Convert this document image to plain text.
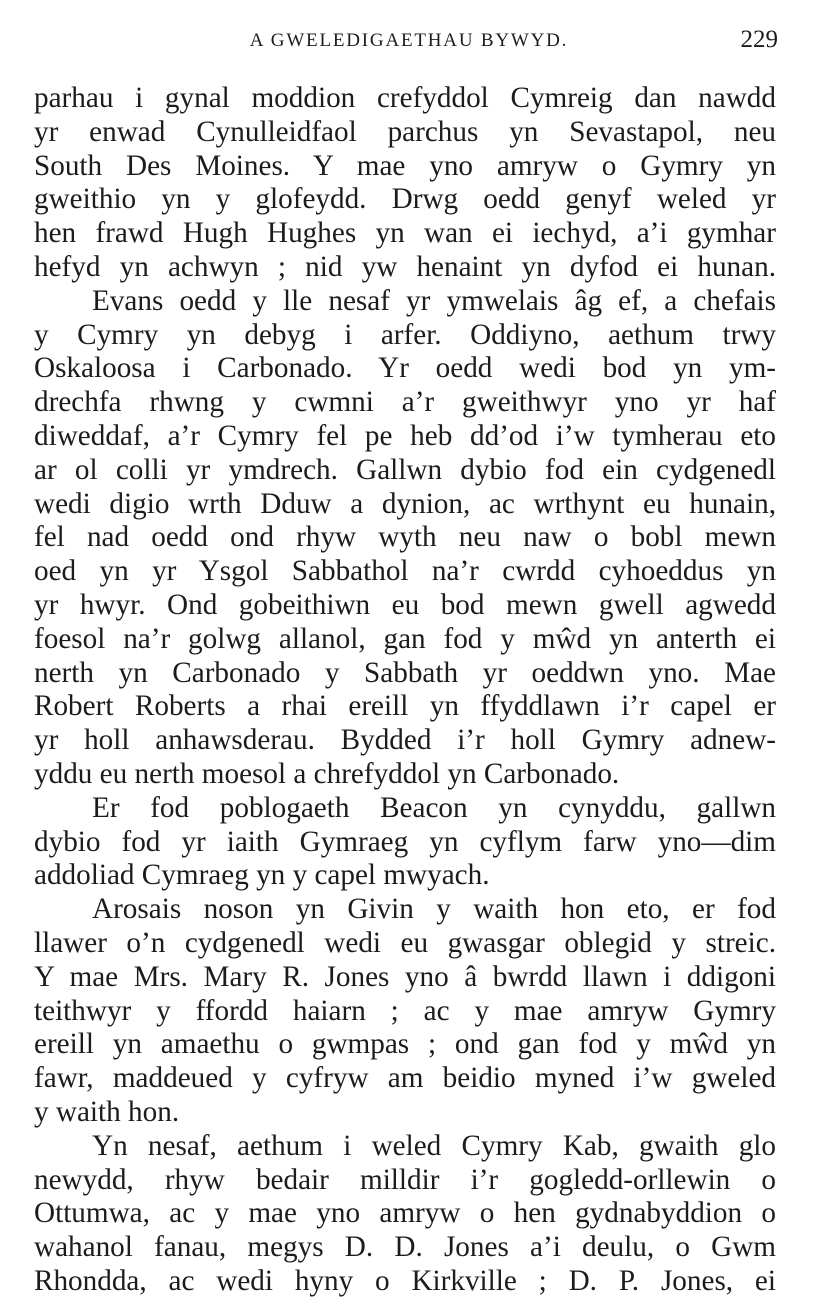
A GWELEDIGAETHAU BYWYD.	229

parhau i gynal moddion crefyddol Cymreig dan nawdd
yr enwad Cynulleidfaol parchus yn Sevastapol, neu
South Des Moines. Y mae yno amryw o Gymry yn
gweithio yn y glofeydd. Drwg oedd genyf weled yr
hen frawd Hugh Hughes yn wan ei iechyd, a’i gymhar
hefyd yn achwyn ; nid yw henaint yn dyfod ei hunan.

Evans oedd y lle nesaf yr ymwelais âg ef, a chefais
y Cymry yn debyg i arfer. Oddiyno, aethum trwy
Oskaloosa i Carbonado. Yr oedd wedi bod yn ym-
drechfa rhwng y cwmni a’r gweithwyr yno yr haf
diweddaf, a’r Cymry fel pe heb dd’od i’w tymherau eto
ar ol colli yr ymdrech. Gallwn dybio fod ein cydgenedl
wedi digio wrth Dduw a dynion, ac wrthynt eu hunain,
fel nad oedd ond rhyw wyth neu naw o bobl mewn
oed yn yr Ysgol Sabbathol na’r cwrdd cyhoeddus yn
yr hwyr. Ond gobeithiwn eu bod mewn gwell agwedd
foesol na’r golwg allanol, gan fod y mŵd yn anterth ei
nerth yn Carbonado y Sabbath yr oeddwn yno. Mae
Robert Roberts a rhai ereill yn ffyddlawn i’r capel er
yr holl anhawsderau. Bydded i’r holl Gymry adnew-
yddu eu nerth moesol a chrefyddol yn Carbonado.

Er fod poblogaeth Beacon yn cynyddu, gallwn
dybio fod yr iaith Gymraeg yn cyflym farw yno—dim
addoliad Cymraeg yn y capel mwyach.

Arosais noson yn Givin y waith hon eto, er fod
llawer o’n cydgenedl wedi eu gwasgar oblegid y streic.
Y mae Mrs. Mary R. Jones yno â bwrdd llawn i ddigoni
teithwyr y ffordd haiarn ; ac y mae amryw Gymry
ereill yn amaethu o gwmpas ; ond gan fod y mŵd yn
fawr, maddeued y cyfryw am beidio myned i’w gweled
y waith hon.

Yn nesaf, aethum i weled Cymry Kab, gwaith glo
newydd, rhyw bedair milldir i’r gogledd-orllewin o
Ottumwa, ac y mae yno amryw o hen gydnabyddion o
wahanol fanau, megys D. D. Jones a’i deulu, o Gwm
Rhondda, ac wedi hyny o Kirkville ; D. P. Jones, ei
